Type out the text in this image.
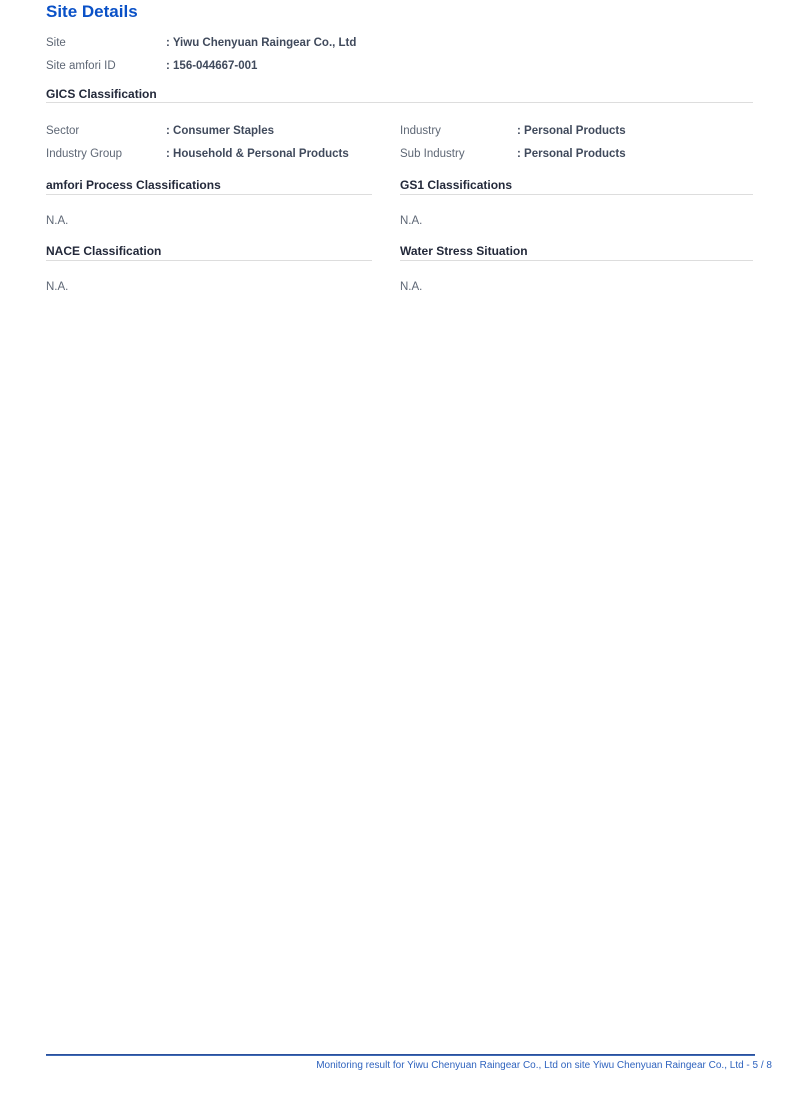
Site Details
Site	: Yiwu Chenyuan Raingear Co., Ltd
Site amfori ID	: 156-044667-001
GICS Classification
Sector	: Consumer Staples
Industry Group	: Household & Personal Products
Industry	: Personal Products
Sub Industry	: Personal Products
amfori Process Classifications
N.A.
NACE Classification
N.A.
GS1 Classifications
N.A.
Water Stress Situation
N.A.
Monitoring result for Yiwu Chenyuan Raingear Co., Ltd on site Yiwu Chenyuan Raingear Co., Ltd - 5 / 8
